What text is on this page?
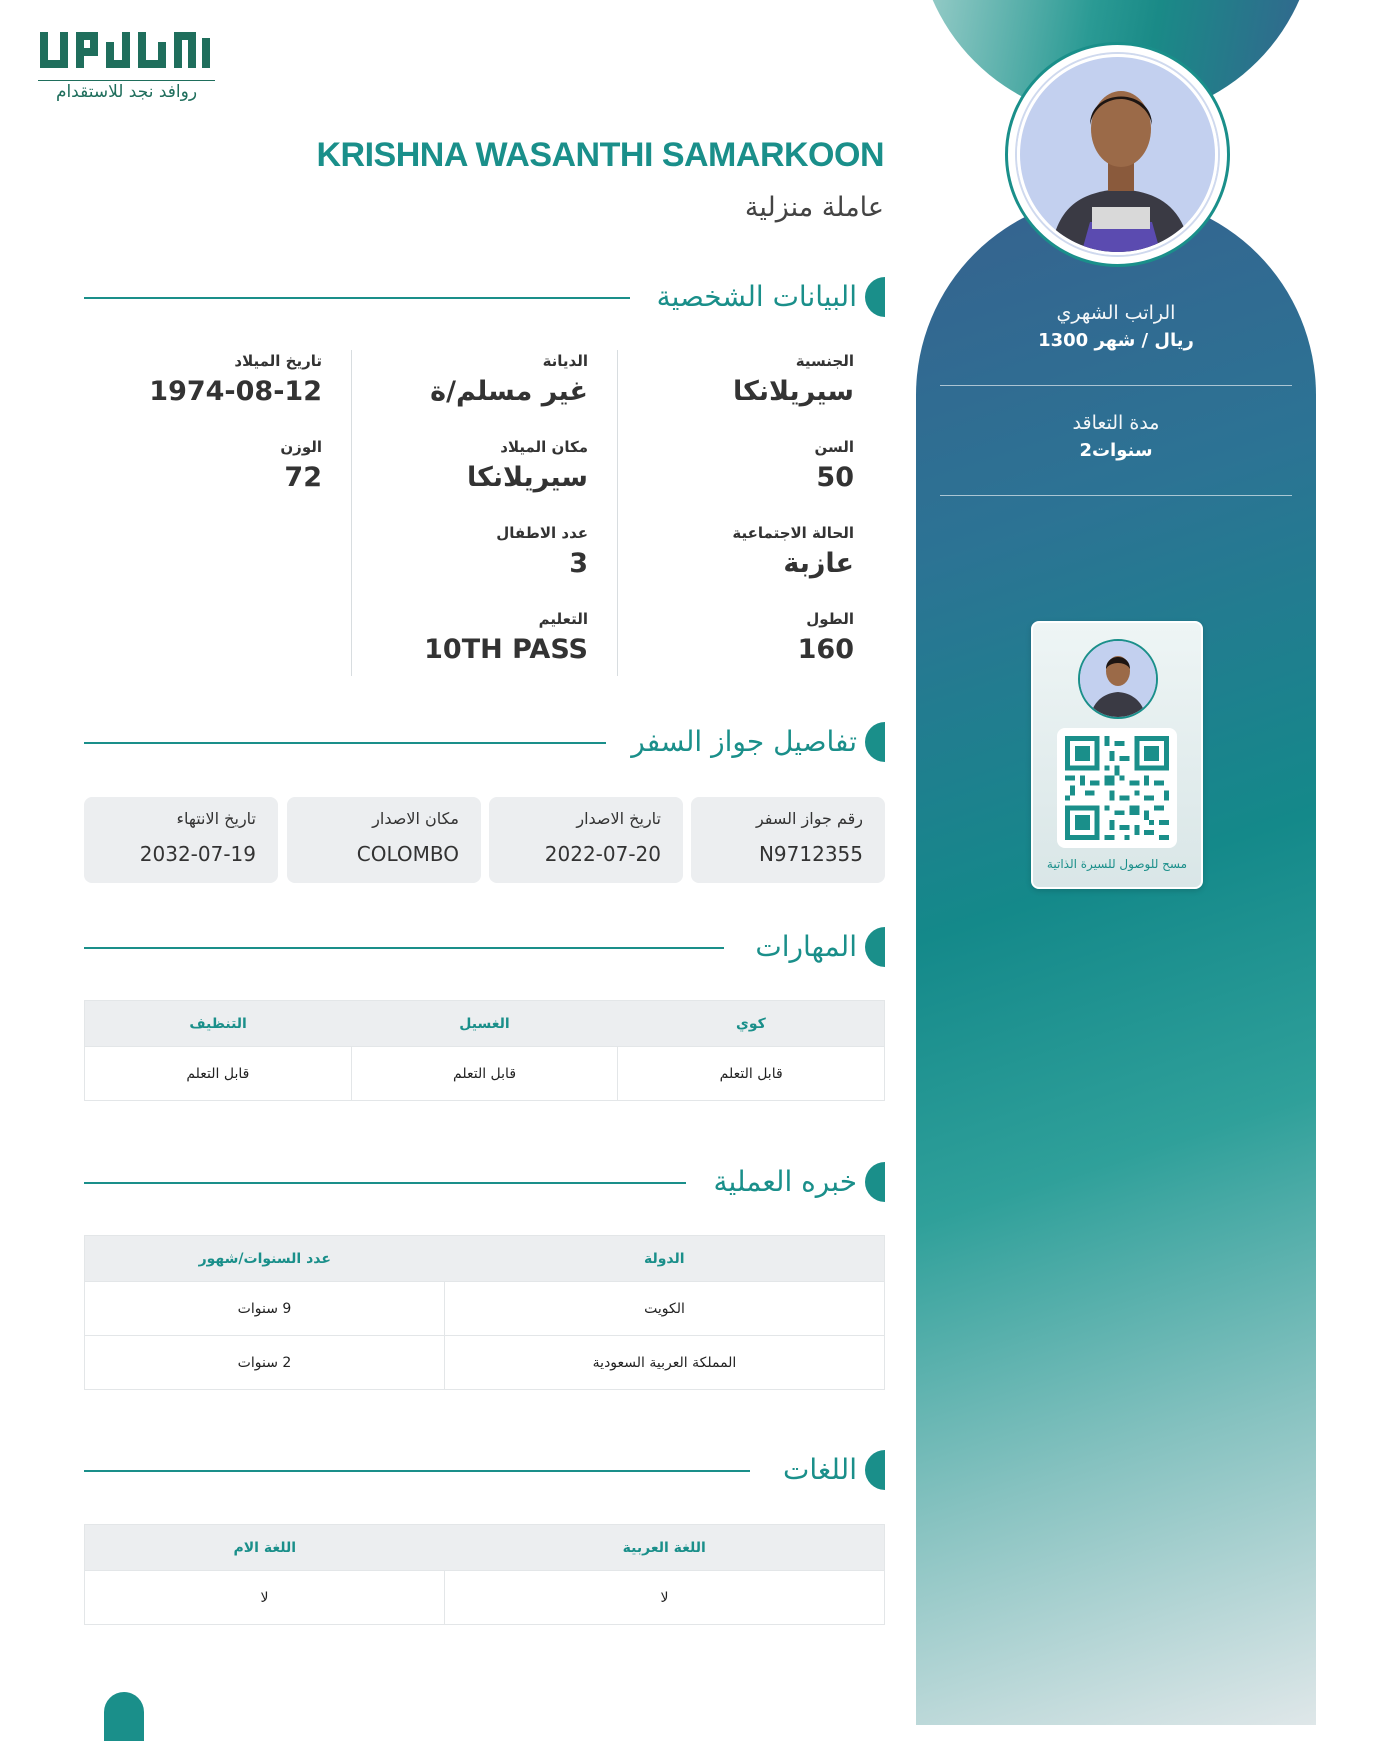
الراتب الشهري
1300 ريال / شهر
مدة التعاقد
2سنوات
مسح للوصول للسيرة الذاتية
روافد نجد للاستقدام
KRISHNA WASANTHI SAMARKOON
عاملة منزلية
البيانات الشخصية
الجنسية
سيريلانكا
السن
50
الحالة الاجتماعية
عازبة
الطول
160
الديانة
غير مسلم/ة
مكان الميلاد
سيريلانكا
عدد الاطفال
3
التعليم
10TH PASS
تاريخ الميلاد
1974-08-12
الوزن
72
تفاصيل جواز السفر
رقم جواز السفر
N9712355
تاريخ الاصدار
2022-07-20
مكان الاصدار
COLOMBO
تاريخ الانتهاء
2032-07-19
المهارات
كوي	الغسيل	التنظيف
قابل التعلم	قابل التعلم	قابل التعلم
خبره العملية
الدولة	عدد السنوات/شهور
الكويت	9 سنوات
المملكة العربية السعودية	2 سنوات
اللغات
اللغة العربية	اللغة الام
لا	لا
